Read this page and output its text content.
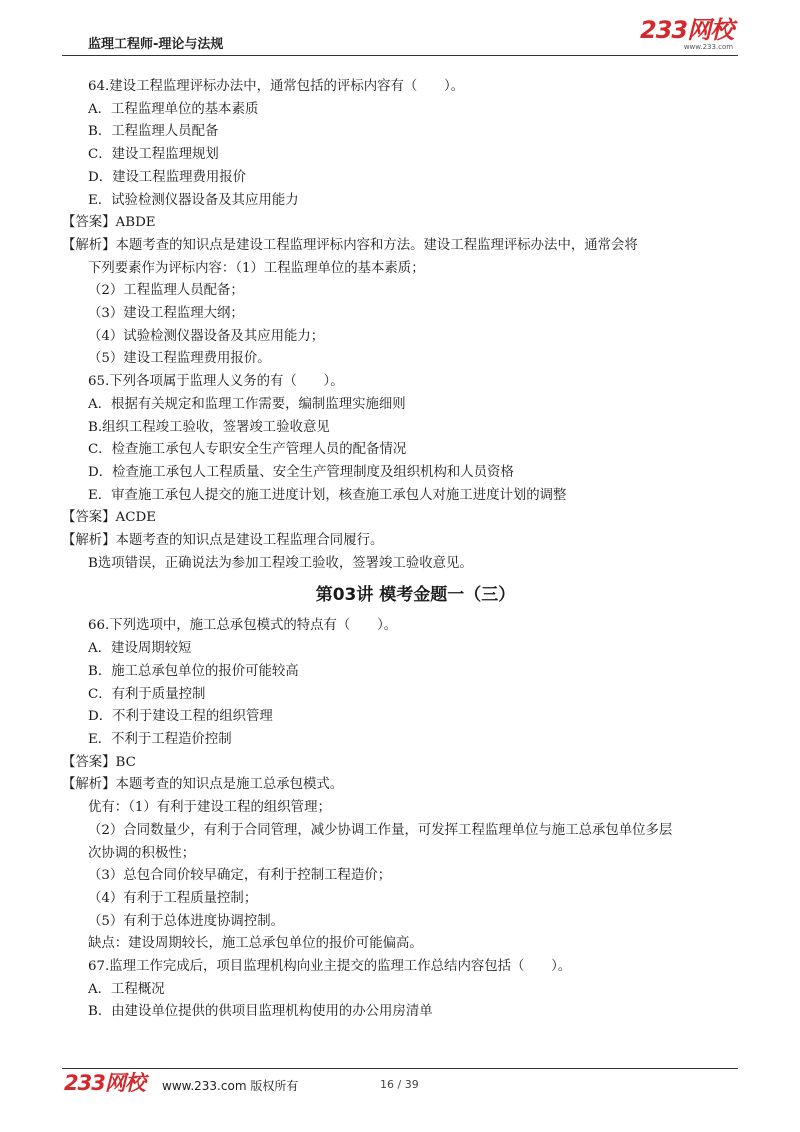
监理工程师-理论与法规
233网校
www.233.com
64.建设工程监理评标办法中，通常包括的评标内容有（　　）。
A．工程监理单位的基本素质
B．工程监理人员配备
C．建设工程监理规划
D．建设工程监理费用报价
E．试验检测仪器设备及其应用能力
【答案】ABDE
【解析】本题考查的知识点是建设工程监理评标内容和方法。建设工程监理评标办法中，通常会将
下列要素作为评标内容：（1）工程监理单位的基本素质；
（2）工程监理人员配备；
（3）建设工程监理大纲；
（4）试验检测仪器设备及其应用能力；
（5）建设工程监理费用报价。
65.下列各项属于监理人义务的有（　　）。
A．根据有关规定和监理工作需要，编制监理实施细则
B.组织工程竣工验收，签署竣工验收意见
C．检查施工承包人专职安全生产管理人员的配备情况
D．检查施工承包人工程质量、安全生产管理制度及组织机构和人员资格
E．审查施工承包人提交的施工进度计划，核查施工承包人对施工进度计划的调整
【答案】ACDE
【解析】本题考查的知识点是建设工程监理合同履行。
B选项错误，正确说法为参加工程竣工验收，签署竣工验收意见。
第03讲 模考金题一（三）
66.下列选项中，施工总承包模式的特点有（　　）。
A．建设周期较短
B．施工总承包单位的报价可能较高
C．有利于质量控制
D．不利于建设工程的组织管理
E．不利于工程造价控制
【答案】BC
【解析】本题考查的知识点是施工总承包模式。
优有：（1）有利于建设工程的组织管理；
（2）合同数量少，有利于合同管理，减少协调工作量，可发挥工程监理单位与施工总承包单位多层
次协调的积极性；
（3）总包合同价较早确定，有利于控制工程造价；
（4）有利于工程质量控制；
（5）有利于总体进度协调控制。
缺点：建设周期较长，施工总承包单位的报价可能偏高。
67.监理工作完成后，项目监理机构向业主提交的监理工作总结内容包括（　　）。
A．工程概况
B．由建设单位提供的供项目监理机构使用的办公用房清单
233网校 www.233.com 版权所有	16 / 39
